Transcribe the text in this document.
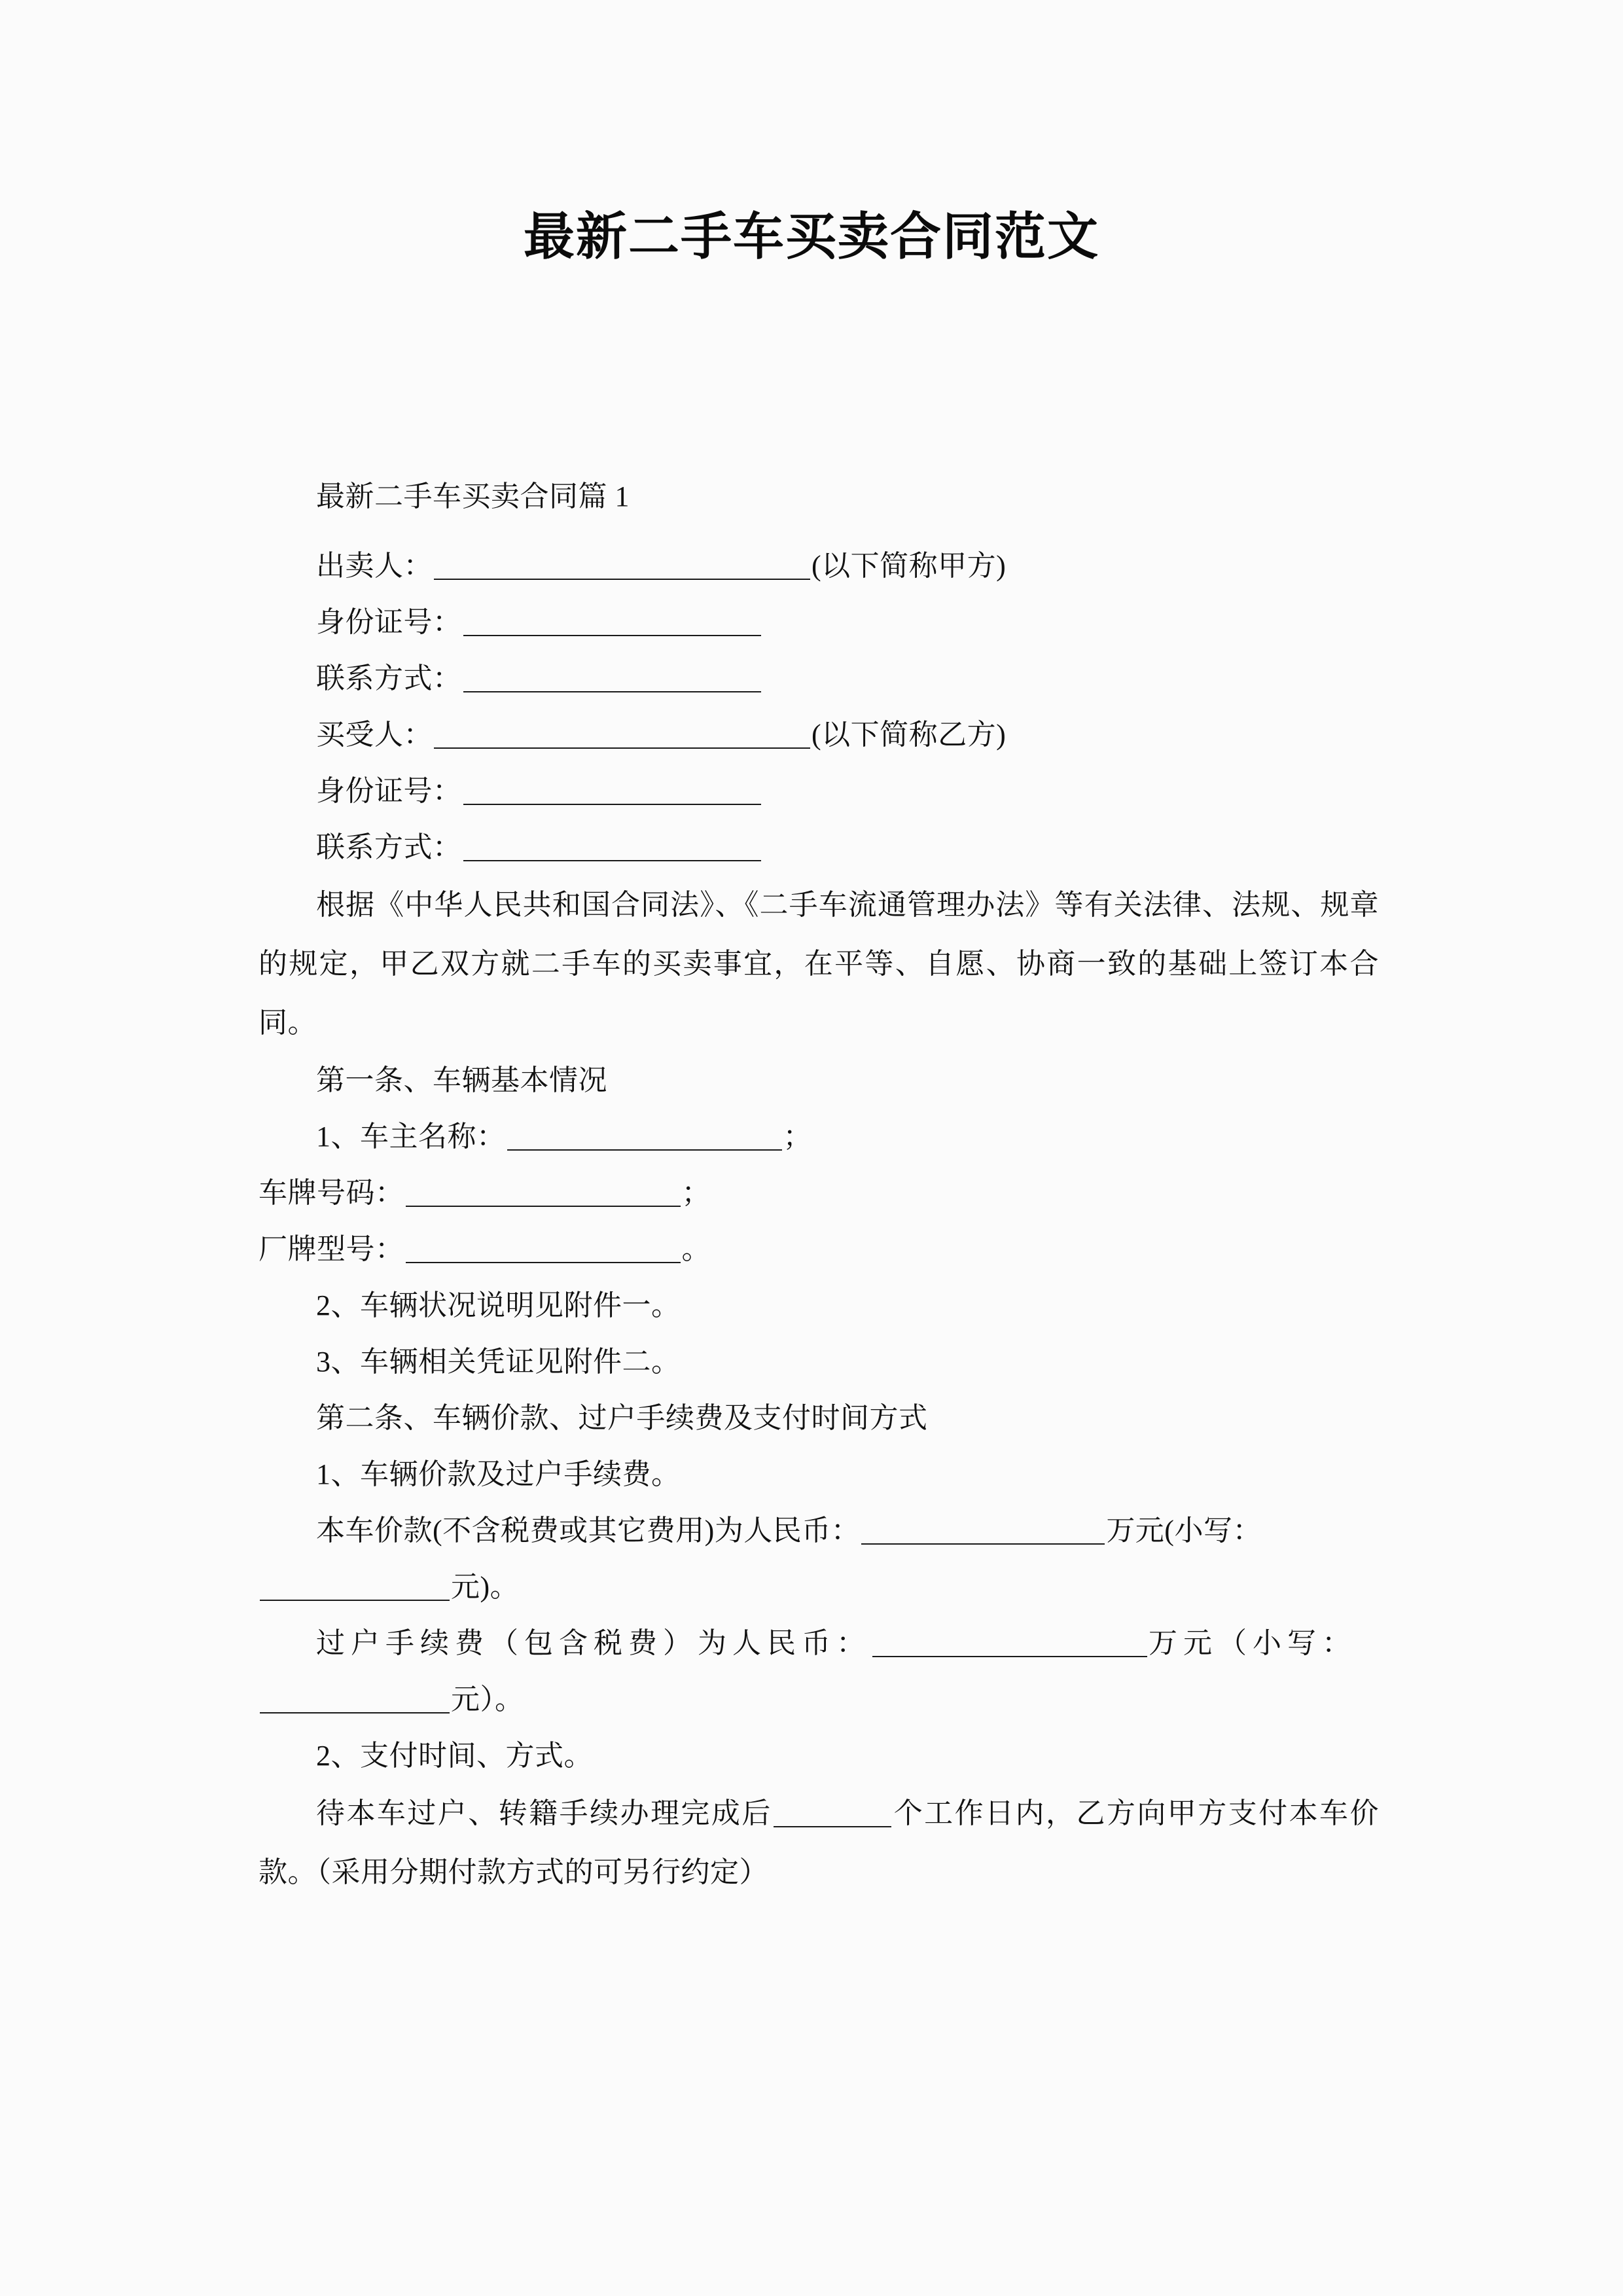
最新二手车买卖合同范文
最新二手车买卖合同篇 1
出卖人：	(以下简称甲方)
身份证号：
联系方式：
买受人：	(以下简称乙方)
身份证号：
联系方式：
根据《中华人民共和国合同法》、《二手车流通管理办法》等有关法律、法规、规章的规定，甲乙双方就二手车的买卖事宜，在平等、自愿、协商一致的基础上签订本合同。
第一条、车辆基本情况
1、车主名称：	；
车牌号码：	；
厂牌型号：	。
2、车辆状况说明见附件一。
3、车辆相关凭证见附件二。
第二条、车辆价款、过户手续费及支付时间方式
1、车辆价款及过户手续费。
本车价款(不含税费或其它费用)为人民币：	万元(小写：
元)。
过户手续费（包含税费）为人民币：	万元（小写：
元）。
2、支付时间、方式。
待本车过户、转籍手续办理完成后	个工作日内，乙方向甲方支付本车价款。（采用分期付款方式的可另行约定）
